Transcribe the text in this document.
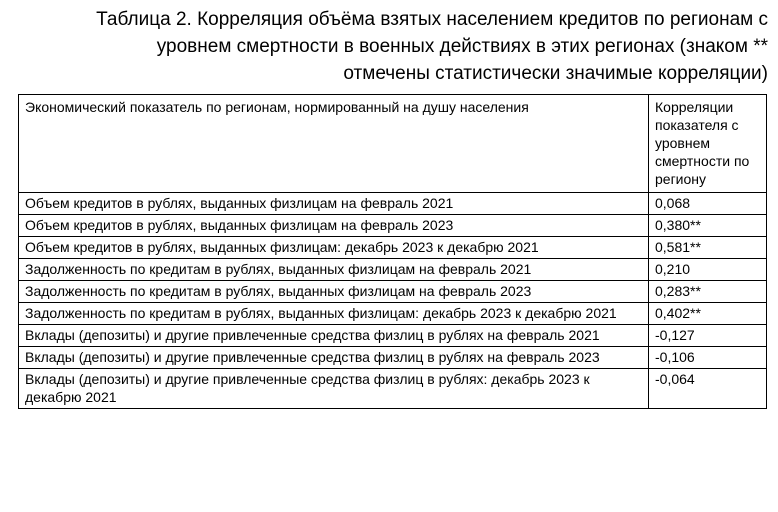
Таблица 2. Корреляция объёма взятых населением кредитов по регионам с
уровнем смертности в военных действиях в этих регионах (знаком **
отмечены статистически значимые корреляции)
Экономический показатель по регионам, нормированный на душу населения	Корреляции показателя с уровнем смертности по региону
Объем кредитов в рублях, выданных физлицам на февраль 2021	0,068
Объем кредитов в рублях, выданных физлицам на февраль 2023	0,380**
Объем кредитов в рублях, выданных физлицам: декабрь 2023 к декабрю 2021	0,581**
Задолженность по кредитам в рублях, выданных физлицам на февраль 2021	0,210
Задолженность по кредитам в рублях, выданных физлицам на февраль 2023	0,283**
Задолженность по кредитам в рублях, выданных физлицам: декабрь 2023 к декабрю 2021	0,402**
Вклады (депозиты) и другие привлеченные средства физлиц в рублях на февраль 2021	-0,127
Вклады (депозиты) и другие привлеченные средства физлиц в рублях на февраль 2023	-0,106
Вклады (депозиты) и другие привлеченные средства физлиц в рублях: декабрь 2023 к декабрю 2021	-0,064
